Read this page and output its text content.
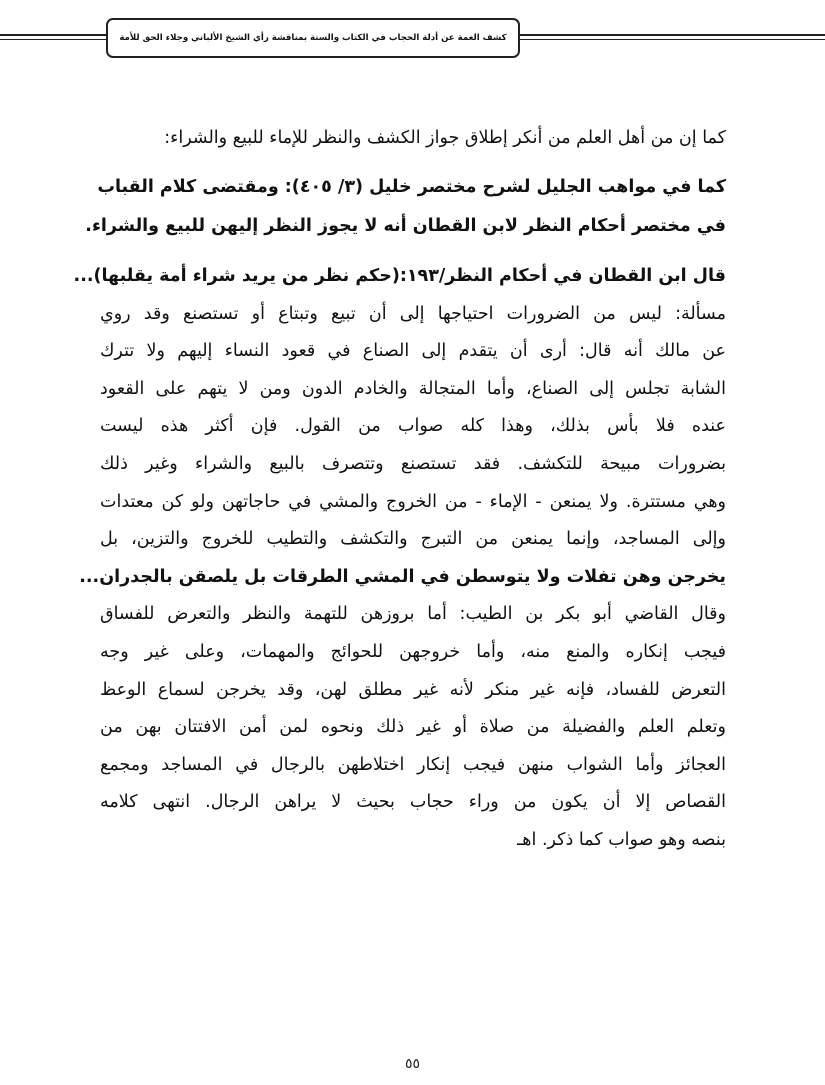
كشف الغمة عن أدلة الحجاب في الكتاب والسنة بمناقشة رأي الشيخ الألباني وجلاء الحق للأمة

كما إن من أهل العلم من أنكر إطلاق جواز الكشف والنظر للإماء للبيع والشراء:

كما في مواهب الجليل لشرح مختصر خليل (٣/ ٤٠٥): ومقتضى كلام القباب
في مختصر أحكام النظر لابن القطان أنه لا يجوز النظر إليهن للبيع والشراء.

قال ابن القطان في أحكام النظر/١٩٣:(حكم نظر من يريد شراء أمة يقلبها)...
مسألة: ليس من الضرورات احتياجها إلى أن تبيع وتبتاع أو تستصنع وقد روي
عن مالك أنه قال: أرى أن يتقدم إلى الصناع في قعود النساء إليهم ولا تترك
الشابة تجلس إلى الصناع، وأما المتجالة والخادم الدون ومن لا يتهم على القعود
عنده فلا بأس بذلك، وهذا كله صواب من القول. فإن أكثر هذه ليست
بضرورات مبيحة للتكشف. فقد تستصنع وتتصرف بالبيع والشراء وغير ذلك
وهي مستترة. ولا يمنعن - الإماء - من الخروج والمشي في حاجاتهن ولو كن معتدات
وإلى المساجد، وإنما يمنعن من التبرج والتكشف والتطيب للخروج والتزين، بل
يخرجن وهن تفلات ولا يتوسطن في المشي الطرقات بل يلصقن بالجدران...
وقال القاضي أبو بكر بن الطيب: أما بروزهن للتهمة والنظر والتعرض للفساق
فيجب إنكاره والمنع منه، وأما خروجهن للحوائج والمهمات، وعلى غير وجه
التعرض للفساد، فإنه غير منكر لأنه غير مطلق لهن، وقد يخرجن لسماع الوعظ
وتعلم العلم والفضيلة من صلاة أو غير ذلك ونحوه لمن أمن الافتتان بهن من
العجائز وأما الشواب منهن فيجب إنكار اختلاطهن بالرجال في المساجد ومجمع
القصاص إلا أن يكون من وراء حجاب بحيث لا يراهن الرجال. انتهى كلامه
بنصه وهو صواب كما ذكر. اهـ

٥٥
